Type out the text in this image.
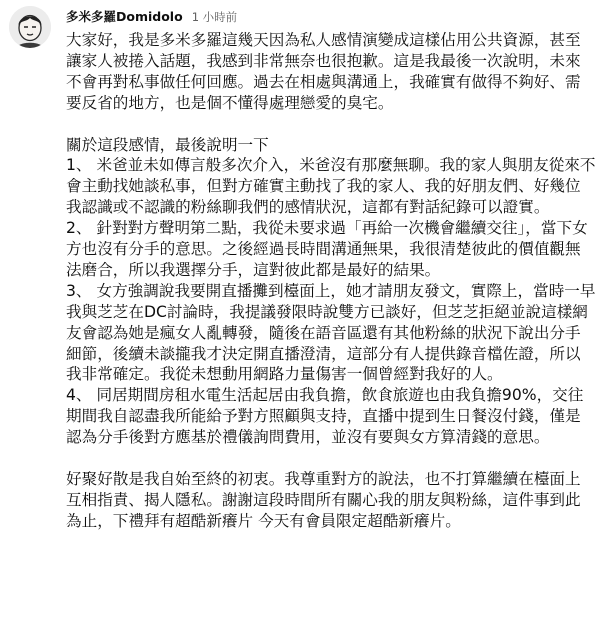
多米多羅Domidolo 1 小時前

大家好，我是多米多羅這幾天因為私人感情演變成這樣佔用公共資源，甚至讓家人被捲入話題，我感到非常無奈也很抱歉。這是我最後一次說明，未來不會再對私事做任何回應。過去在相處與溝通上，我確實有做得不夠好、需要反省的地方，也是個不懂得處理戀愛的臭宅。

關於這段感情，最後說明一下

1、 米爸並未如傳言般多次介入，米爸沒有那麼無聊。我的家人與朋友從來不會主動找她談私事，但對方確實主動找了我的家人、我的好朋友們、好幾位我認識或不認識的粉絲聊我們的感情狀況，這都有對話紀錄可以證實。

2、 針對對方聲明第二點，我從未要求過「再給一次機會繼續交往」，當下女方也沒有分手的意思。之後經過長時間溝通無果，我很清楚彼此的價值觀無法磨合，所以我選擇分手，這對彼此都是最好的結果。

3、 女方強調說我要開直播攤到檯面上，她才請朋友發文，實際上，當時一早我與芝芝在DC討論時，我提議發限時說雙方已談好，但芝芝拒絕並說這樣網友會認為她是瘋女人亂轉發，隨後在語音區還有其他粉絲的狀況下說出分手細節，後續未談攏我才決定開直播澄清，這部分有人提供錄音檔佐證，所以我非常確定。我從未想動用網路力量傷害一個曾經對我好的人。

4、 同居期間房租水電生活起居由我負擔，飲食旅遊也由我負擔90%，交往期間我自認盡我所能給予對方照顧與支持，直播中提到生日餐沒付錢，僅是認為分手後對方應基於禮儀詢問費用，並沒有要與女方算清錢的意思。

好聚好散是我自始至終的初衷。我尊重對方的說法，也不打算繼續在檯面上互相指責、揭人隱私。謝謝這段時間所有關心我的朋友與粉絲，這件事到此為止，下禮拜有超酷新癢片 今天有會員限定超酷新癢片。
